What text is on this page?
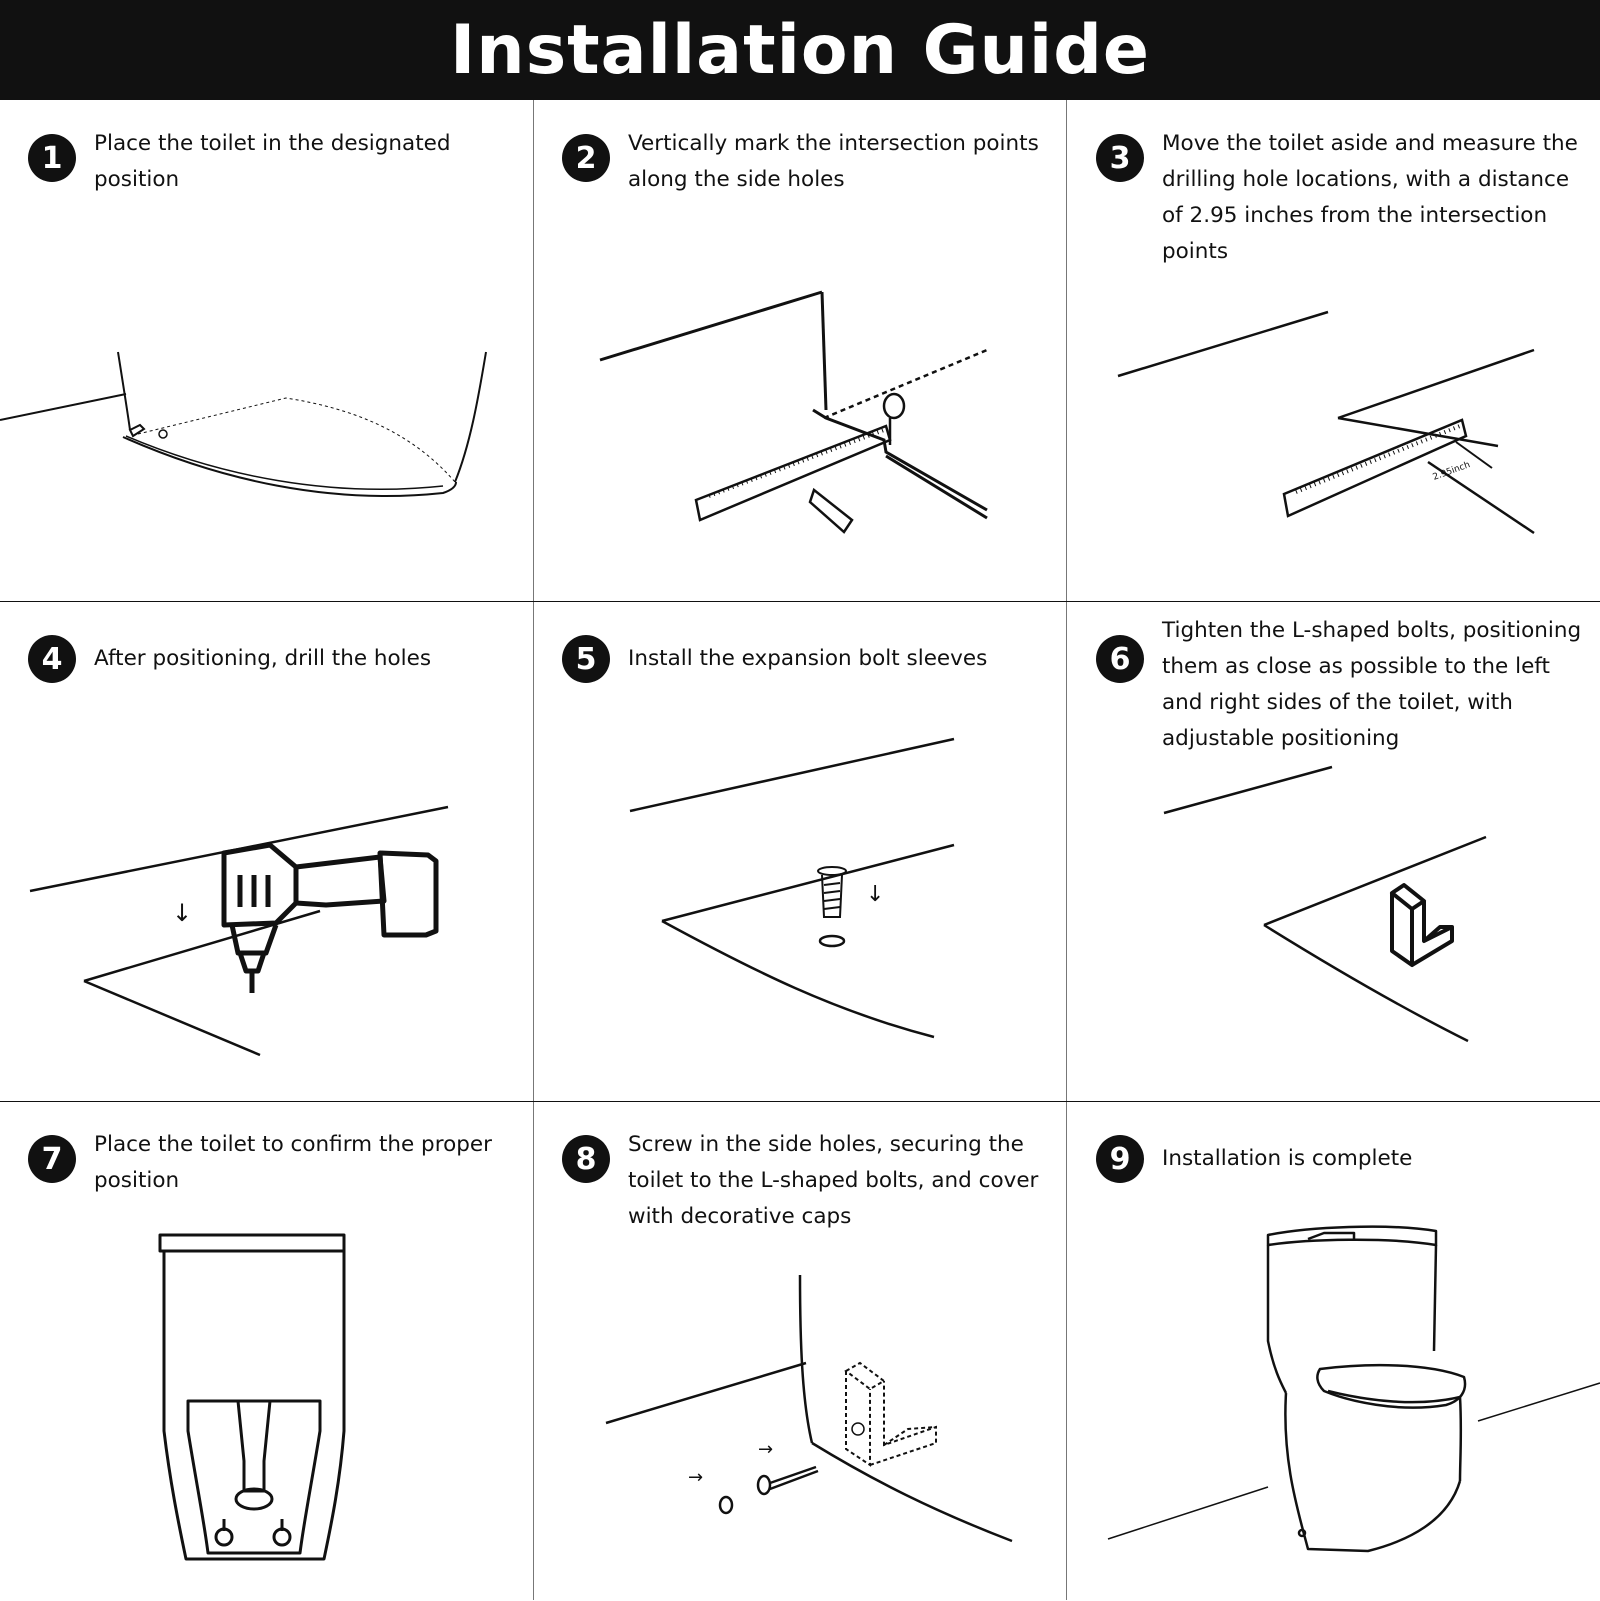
Installation Guide
1	Place the toilet in the designated position
2	Vertically mark the intersection points along the side holes
3	Move the toilet aside and measure the drilling hole locations, with a distance of 2.95 inches from the intersection points
2.95inch
4	After positioning, drill the holes
↓
5	Install the expansion bolt sleeves
↓
6
Tighten the L-shaped bolts, positioning them as close as possible to the left and right sides of the toilet, with adjustable positioning
7	Place the toilet to confirm the proper position
8	Screw in the side holes, securing the toilet to the L-shaped bolts, and cover with decorative caps
→
→
9	Installation is complete
